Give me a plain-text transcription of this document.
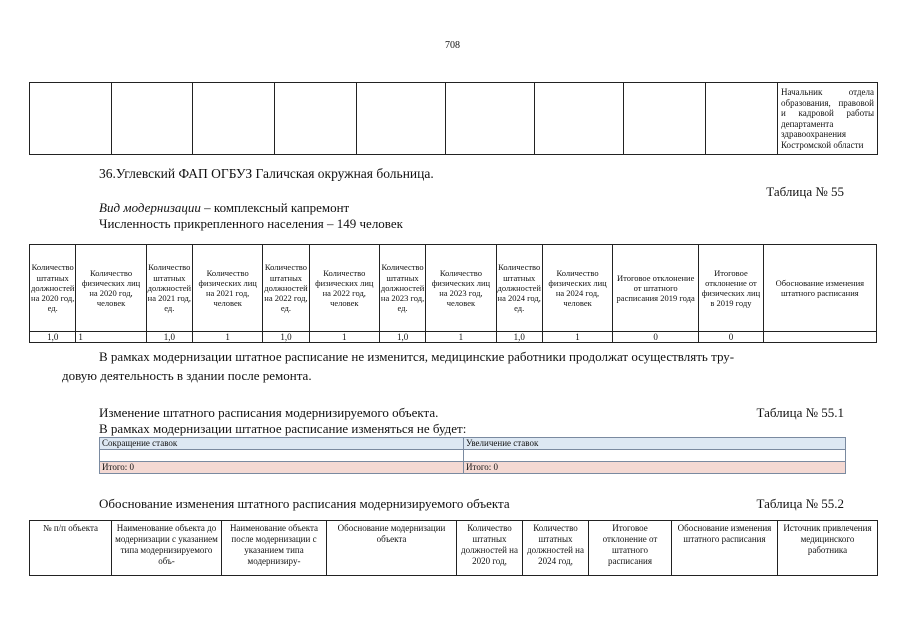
708
									Начальник отдела образования, правовой и кадровой работы департамента здравоохранения Костромской области
36.Углевский ФАП ОГБУЗ Галичская окружная больница.
Таблица № 55
Вид модернизации – комплексный капремонт
Численность прикрепленного населения – 149 человек
Количество штатных должностей на 2020 год, ед.	Количество физических лиц на 2020 год, человек	Количество штатных должностей на 2021 год, ед.	Количество физических лиц на 2021 год, человек	Количество штатных должностей на 2022 год, ед.	Количество физических лиц на 2022 год, человек	Количество штатных должностей на 2023 год, ед.	Количество физических лиц на 2023 год, человек	Количество штатных должностей на 2024 год, ед.	Количество физических лиц на 2024 год, человек	Итоговое отклонение от штатного расписания 2019 года	Итоговое отклонение от физических лиц в 2019 году	Обоснование изменения штатного расписания
1,0	1	1,0	1	1,0	1	1,0	1	1,0	1	0	0	
В рамках модернизации штатное расписание не изменится, медицинские работники продолжат осуществлять тру-
довую деятельность в здании после ремонта.
Изменение штатного расписания модернизируемого объекта.	Таблица № 55.1
В рамках модернизации штатное расписание изменяться не будет:
Сокращение ставок	Увеличение ставок

Итого: 0	Итого: 0
Обоснование изменения штатного расписания модернизируемого объекта	Таблица № 55.2
№ п/п объекта	Наименование объекта до модернизации с указанием типа модернизируемого объ-	Наименование объекта после модернизации с указанием типа модернизиру-	Обоснование модернизации объекта	Количество штатных должностей на 2020 год,	Количество штатных должностей на 2024 год,	Итоговое отклонение от штатного расписания	Обоснование изменения штатного расписания	Источник привлечения медицинского работника
